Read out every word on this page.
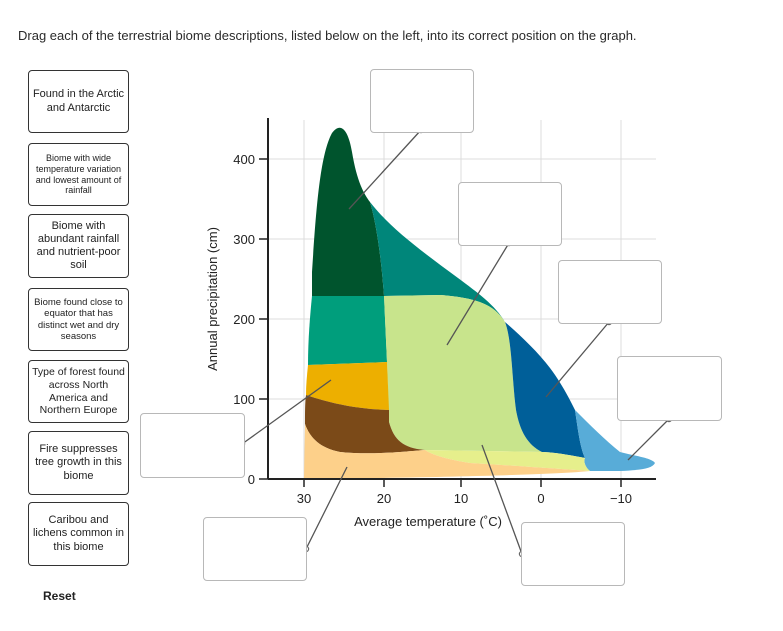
Drag each of the terrestrial biome descriptions, listed below on the left, into its correct position on the graph.
Found in the Arctic and Antarctic
Biome with wide temperature variation and lowest amount of rainfall
Biome with abundant rainfall and nutrient-poor soil
Biome found close to equator that has distinct wet and dry seasons
Type of forest found across North America and Northern Europe
Fire suppresses tree growth in this biome
Caribou and lichens common in this biome
Reset
400
300
200
100
0
30	20	10	0	−10
Average temperature (˚C)
Annual precipitation (cm)
